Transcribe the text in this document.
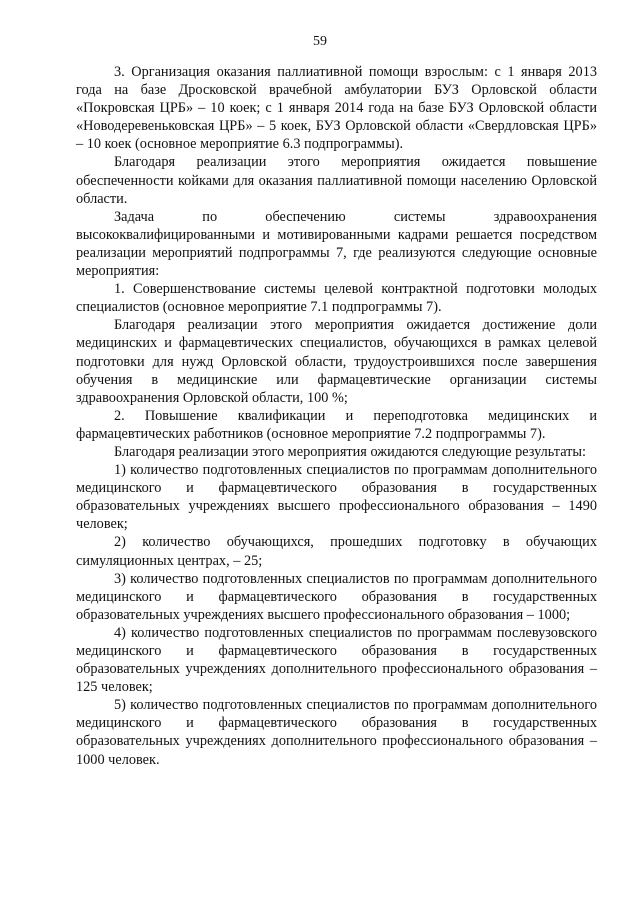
59

3. Организация оказания паллиативной помощи взрослым: с 1 января 2013 года на базе Дросковской врачебной амбулатории БУЗ Орловской области «Покровская ЦРБ» – 10 коек; с 1 января 2014 года на базе БУЗ Орловской области «Новодеревеньковская ЦРБ» – 5 коек, БУЗ Орловской области «Свердловская ЦРБ» – 10 коек (основное мероприятие 6.3 подпрограммы).

Благодаря реализации этого мероприятия ожидается повышение обеспеченности койками для оказания паллиативной помощи населению Орловской области.

Задача по обеспечению системы здравоохранения высококвалифицированными и мотивированными кадрами решается посредством реализации мероприятий подпрограммы 7, где реализуются следующие основные мероприятия:

1. Совершенствование системы целевой контрактной подготовки молодых специалистов (основное мероприятие 7.1 подпрограммы 7).

Благодаря реализации этого мероприятия ожидается достижение доли медицинских и фармацевтических специалистов, обучающихся в рамках целевой подготовки для нужд Орловской области, трудоустроившихся после завершения обучения в медицинские или фармацевтические организации системы здравоохранения Орловской области, 100 %;

2. Повышение квалификации и переподготовка медицинских и фармацевтических работников (основное мероприятие 7.2 подпрограммы 7).

Благодаря реализации этого мероприятия ожидаются следующие результаты:

1) количество подготовленных специалистов по программам дополнительного медицинского и фармацевтического образования в государственных образовательных учреждениях высшего профессионального образования – 1490 человек;

2) количество обучающихся, прошедших подготовку в обучающих симуляционных центрах, – 25;

3) количество подготовленных специалистов по программам дополнительного медицинского и фармацевтического образования в государственных образовательных учреждениях высшего профессионального образования – 1000;

4) количество подготовленных специалистов по программам послевузовского медицинского и фармацевтического образования в государственных образовательных учреждениях дополнительного профессионального образования – 125 человек;

5) количество подготовленных специалистов по программам дополнительного медицинского и фармацевтического образования в государственных образовательных учреждениях дополнительного профессионального образования – 1000 человек.
